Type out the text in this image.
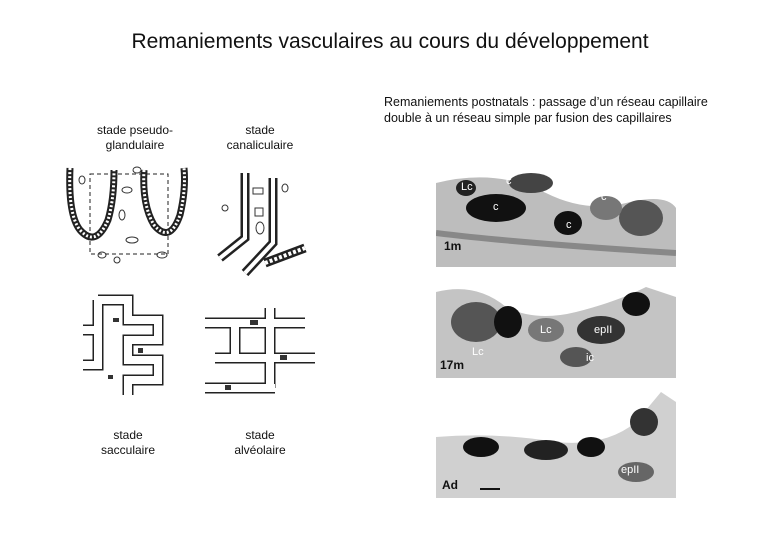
Remaniements vasculaires au cours du développement
stade pseudo-
glandulaire
stade
canaliculaire
stade
sacculaire
stade
alvéolaire
Remaniements postnatals : passage d’un réseau capillaire double à un réseau simple par fusion des capillaires
1m
c
c
c
c
Lc
17m
Lc	epII
Lc	ic
Ad
epII
